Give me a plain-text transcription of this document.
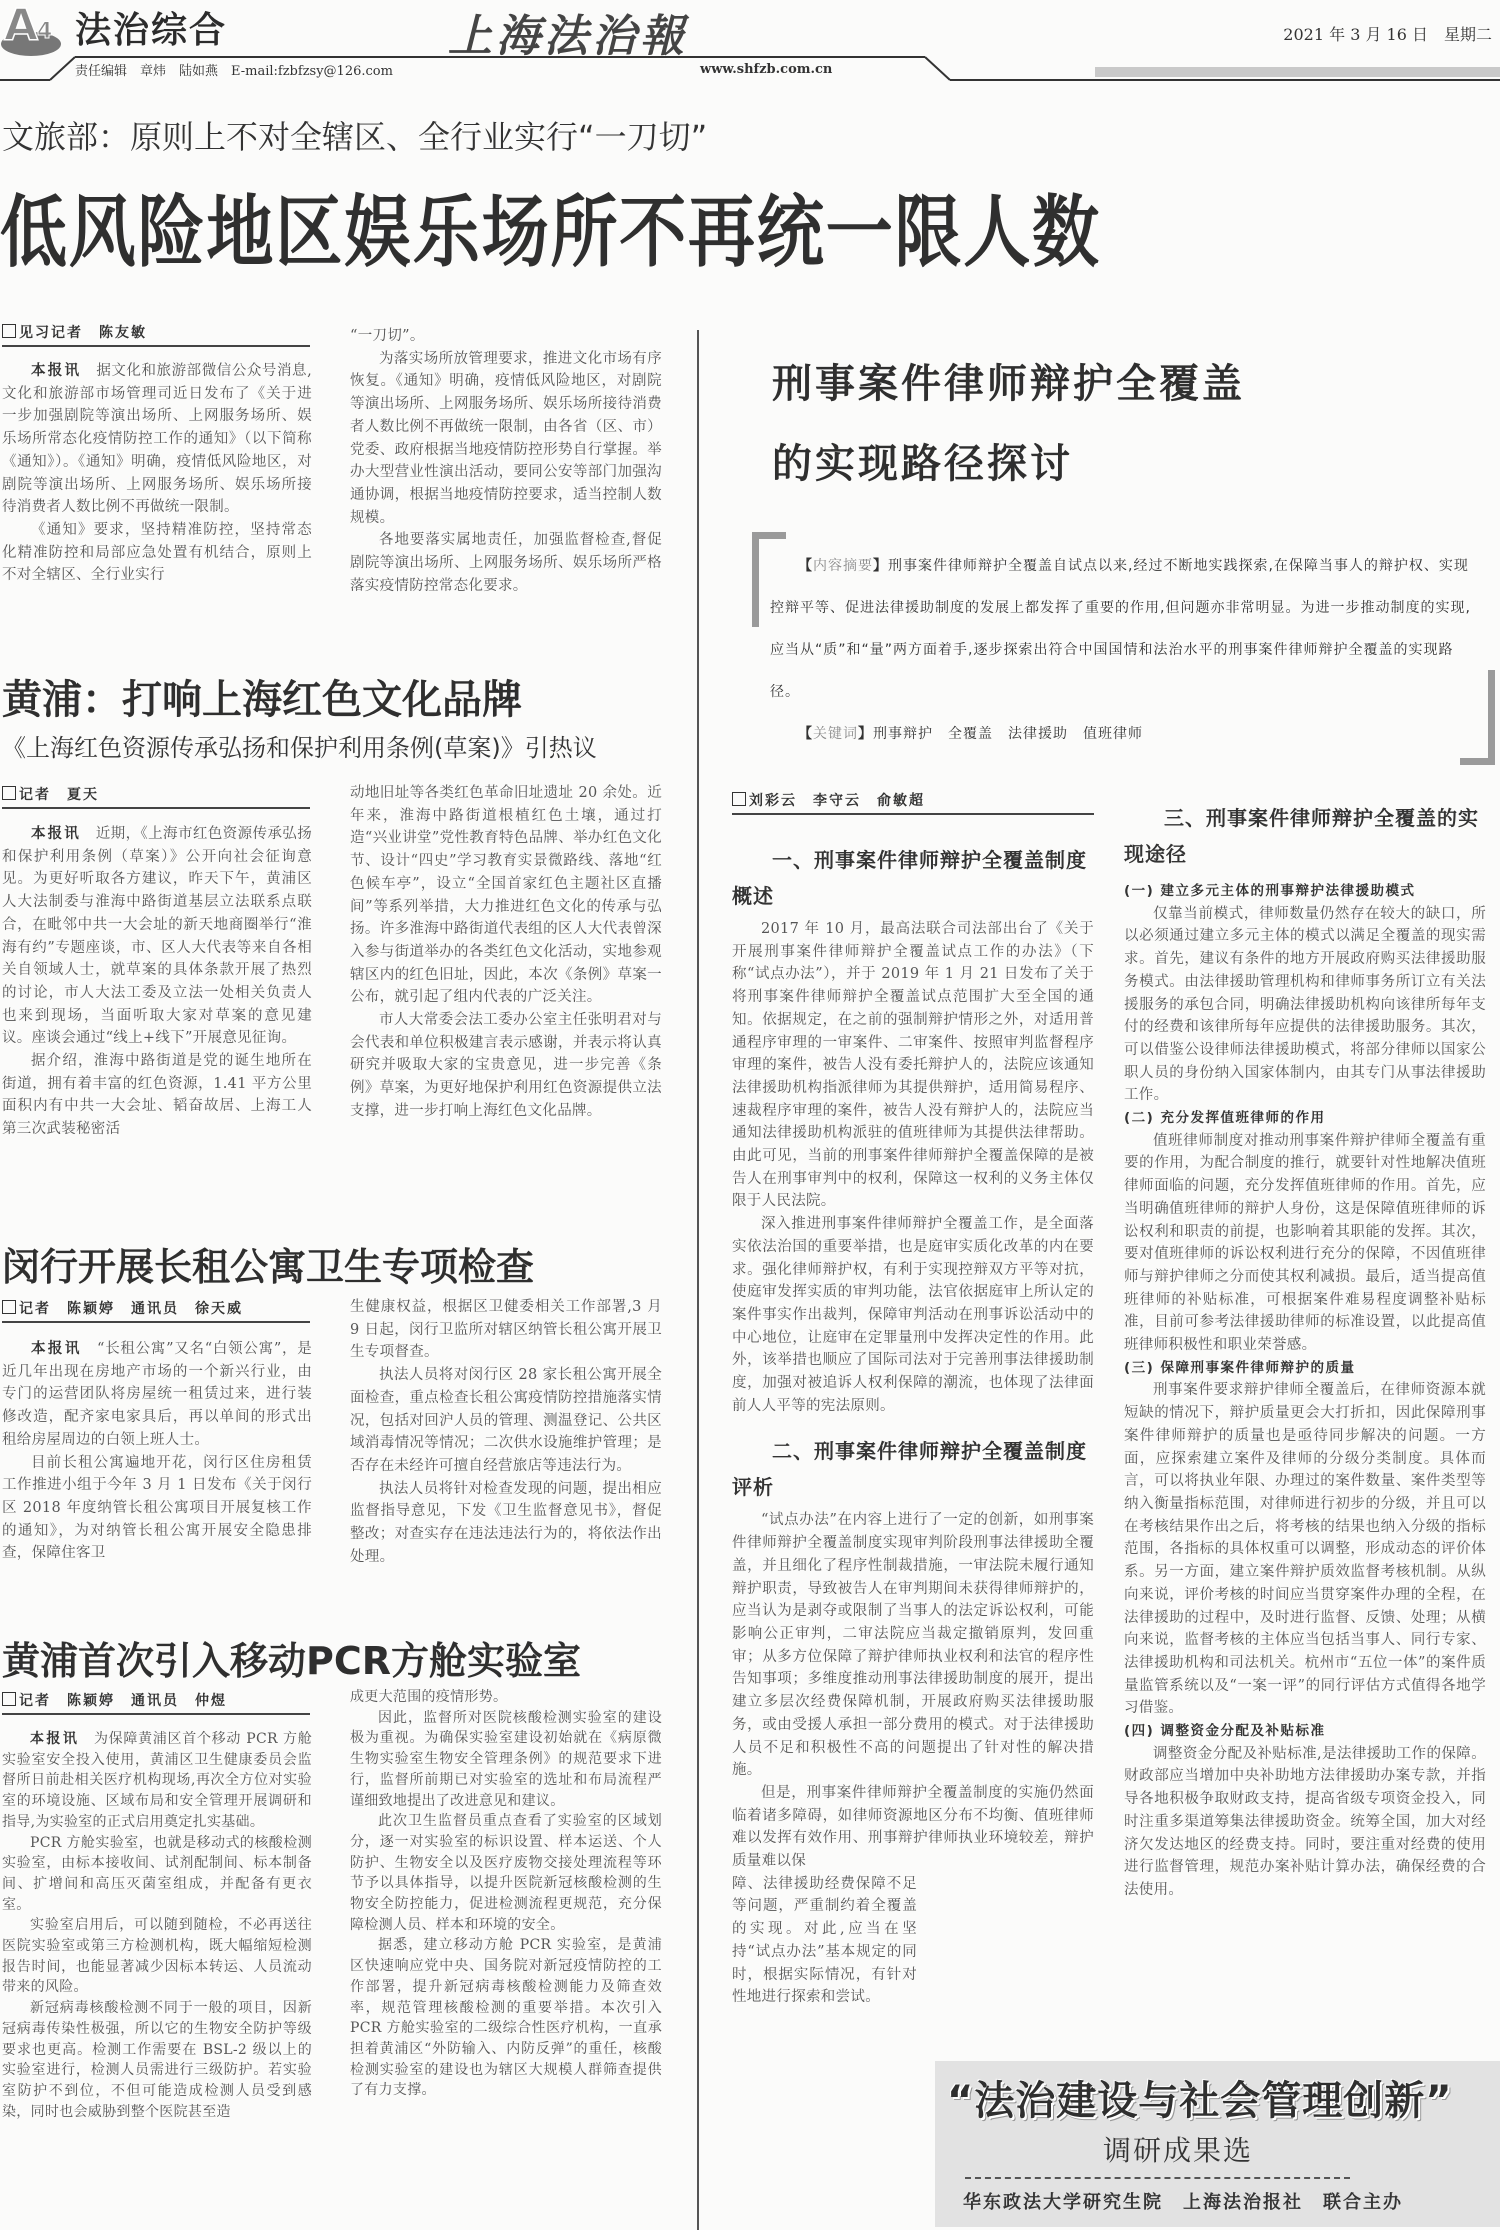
A
4 法治综合
责任编辑　章炜　陆如燕　E-mail:fzbfzsy@126.com
上海法治報
www.shfzb.com.cn
2021 年 3 月 16 日　星期二
文旅部：原则上不对全辖区、全行业实行“一刀切”
低风险地区娱乐场所不再统一限人数
见习记者　陈友敏

本报讯　 据文化和旅游部微信公众号消息,文化和旅游部市场管理司近日发布了《关于进一步加强剧院等演出场所、上网服务场所、娱乐场所常态化疫情防控工作的通知》（以下简称《通知》）。《通知》明确，疫情低风险地区，对剧院等演出场所、上网服务场所、娱乐场所接待消费者人数比例不再做统一限制。

《通知》要求，坚持精准防控，坚持常态化精准防控和局部应急处置有机结合，原则上不对全辖区、全行业实行

“一刀切”。

为落实场所放管理要求，推进文化市场有序恢复。《通知》明确，疫情低风险地区，对剧院等演出场所、上网服务场所、娱乐场所接待消费者人数比例不再做统一限制，由各省（区、市）党委、政府根据当地疫情防控形势自行掌握。举办大型营业性演出活动，要同公安等部门加强沟通协调，根据当地疫情防控要求，适当控制人数规模。

各地要落实属地责任，加强监督检查,督促剧院等演出场所、上网服务场所、娱乐场所严格落实疫情防控常态化要求。

黄浦：打响上海红色文化品牌
《上海红色资源传承弘扬和保护利用条例(草案)》引热议
记者　夏天

本报讯　 近期，《上海市红色资源传承弘扬和保护利用条例（草案）》公开向社会征询意见。为更好听取各方建议，昨天下午，黄浦区人大法制委与淮海中路街道基层立法联系点联合，在毗邻中共一大会址的新天地商圈举行“淮海有约”专题座谈，市、区人大代表等来自各相关自领域人士，就草案的具体条款开展了热烈的讨论，市人大法工委及立法一处相关负责人也来到现场，当面听取大家对草案的意见建议。座谈会通过“线上+线下”开展意见征询。

据介绍，淮海中路街道是党的诞生地所在街道，拥有着丰富的红色资源，1.41 平方公里面积内有中共一大会址、韬奋故居、上海工人第三次武装秘密活

动地旧址等各类红色革命旧址遗址 20 余处。近年来，淮海中路街道根植红色土壤，通过打造“兴业讲堂”党性教育特色品牌、举办红色文化节、设计“四史”学习教育实景微路线、落地“红色候车亭”，设立“全国首家红色主题社区直播间”等系列举措，大力推进红色文化的传承与弘扬。许多淮海中路街道代表组的区人大代表曾深入参与街道举办的各类红色文化活动，实地参观辖区内的红色旧址，因此，本次《条例》草案一公布，就引起了组内代表的广泛关注。

市人大常委会法工委办公室主任张明君对与会代表和单位积极建言表示感谢，并表示将认真研究并吸取大家的宝贵意见，进一步完善《条例》草案，为更好地保护利用红色资源提供立法支撑，进一步打响上海红色文化品牌。

闵行开展长租公寓卫生专项检查
记者　陈颖婷　通讯员　徐天威

本报讯　 “长租公寓”又名“白领公寓”，是近几年出现在房地产市场的一个新兴行业，由专门的运营团队将房屋统一租赁过来，进行装修改造，配齐家电家具后，再以单间的形式出租给房屋周边的白领上班人士。

目前长租公寓遍地开花，闵行区住房租赁工作推进小组于今年 3 月 1 日发布《关于闵行区 2018 年度纳管长租公寓项目开展复核工作的通知》，为对纳管长租公寓开展安全隐患排查，保障住客卫

生健康权益，根据区卫健委相关工作部署,3 月 9 日起，闵行卫监所对辖区纳管长租公寓开展卫生专项督查。

执法人员将对闵行区 28 家长租公寓开展全面检查，重点检查长租公寓疫情防控措施落实情况，包括对回沪人员的管理、测温登记、公共区域消毒情况等情况；二次供水设施维护管理；是否存在未经许可擅自经营旅店等违法行为。

执法人员将针对检查发现的问题，提出相应监督指导意见，下发《卫生监督意见书》，督促整改；对查实存在违法违法行为的，将依法作出处理。

黄浦首次引入移动PCR方舱实验室
记者　陈颖婷　通讯员　仲煜

本报讯　 为保障黄浦区首个移动 PCR 方舱实验室安全投入使用，黄浦区卫生健康委员会监督所日前赴相关医疗机构现场,再次全方位对实验室的环境设施、区域布局和安全管理开展调研和指导,为实验室的正式启用奠定扎实基础。

PCR 方舱实验室，也就是移动式的核酸检测实验室，由标本接收间、试剂配制间、标本制备间、扩增间和高压灭菌室组成，并配备有更衣室。

实验室启用后，可以随到随检，不必再送往医院实验室或第三方检测机构，既大幅缩短检测报告时间，也能显著减少因标本转运、人员流动带来的风险。

新冠病毒核酸检测不同于一般的项目，因新冠病毒传染性极强，所以它的生物安全防护等级要求也更高。检测工作需要在 BSL-2 级以上的实验室进行，检测人员需进行三级防护。若实验室防护不到位，不但可能造成检测人员受到感染，同时也会威胁到整个医院甚至造

成更大范围的疫情形势。

因此，监督所对医院核酸检测实验室的建设极为重视。为确保实验室建设初始就在《病原微生物实验室生物安全管理条例》的规范要求下进行，监督所前期已对实验室的选址和布局流程严谨细致地提出了改进意见和建议。

此次卫生监督员重点查看了实验室的区域划分，逐一对实验室的标识设置、样本运送、个人防护、生物安全以及医疗废物交接处理流程等环节予以具体指导，以提升医院新冠核酸检测的生物安全防控能力，促进检测流程更规范，充分保障检测人员、样本和环境的安全。

据悉，建立移动方舱 PCR 实验室，是黄浦区快速响应党中央、国务院对新冠疫情防控的工作部署，提升新冠病毒核酸检测能力及筛查效率，规范管理核酸检测的重要举措。本次引入 PCR 方舱实验室的二级综合性医疗机构，一直承担着黄浦区“外防输入、内防反弹”的重任，核酸检测实验室的建设也为辖区大规模人群筛查提供了有力支撑。

刑事案件律师辩护全覆盖
的实现路径探讨
【内容摘要】刑事案件律师辩护全覆盖自试点以来,经过不断地实践探索,在保障当事人的辩护权、实现控辩平等、促进法律援助制度的发展上都发挥了重要的作用,但问题亦非常明显。为进一步推动制度的实现,应当从“质”和“量”两方面着手,逐步探索出符合中国国情和法治水平的刑事案件律师辩护全覆盖的实现路径。
【关键词】刑事辩护　全覆盖　法律援助　值班律师
刘彩云　李守云　俞敏超
一、刑事案件律师辩护全覆盖制度概述

2017 年 10 月，最高法联合司法部出台了《关于开展刑事案件律师辩护全覆盖试点工作的办法》（下称“试点办法”），并于 2019 年 1 月 21 日发布了关于将刑事案件律师辩护全覆盖试点范围扩大至全国的通知。依据规定，在之前的强制辩护情形之外，对适用普通程序审理的一审案件、二审案件、按照审判监督程序审理的案件，被告人没有委托辩护人的，法院应该通知法律援助机构指派律师为其提供辩护，适用简易程序、速裁程序审理的案件，被告人没有辩护人的，法院应当通知法律援助机构派驻的值班律师为其提供法律帮助。由此可见，当前的刑事案件律师辩护全覆盖保障的是被告人在刑事审判中的权利，保障这一权利的义务主体仅限于人民法院。

深入推进刑事案件律师辩护全覆盖工作，是全面落实依法治国的重要举措，也是庭审实质化改革的内在要求。强化律师辩护权，有利于实现控辩双方平等对抗，使庭审发挥实质的审判功能，法官依据庭审上所认定的案件事实作出裁判，保障审判活动在刑事诉讼活动中的中心地位，让庭审在定罪量刑中发挥决定性的作用。此外，该举措也顺应了国际司法对于完善刑事法律援助制度，加强对被追诉人权利保障的潮流，也体现了法律面前人人平等的宪法原则。

二、刑事案件律师辩护全覆盖制度评析

“试点办法”在内容上进行了一定的创新，如刑事案件律师辩护全覆盖制度实现审判阶段刑事法律援助全覆盖，并且细化了程序性制裁措施，一审法院未履行通知辩护职责，导致被告人在审判期间未获得律师辩护的，应当认为是剥夺或限制了当事人的法定诉讼权利，可能影响公正审判，二审法院应当裁定撤销原判，发回重审；从多方位保障了辩护律师执业权利和法官的程序性告知事项；多维度推动刑事法律援助制度的展开，提出建立多层次经费保障机制，开展政府购买法律援助服务，或由受援人承担一部分费用的模式。对于法律援助人员不足和积极性不高的问题提出了针对性的解决措施。

但是，刑事案件律师辩护全覆盖制度的实施仍然面临着诸多障碍，如律师资源地区分布不均衡、值班律师难以发挥有效作用、刑事辩护律师执业环境较差，辩护质量难以保

障、法律援助经费保障不足等问题，严重制约着全覆盖的实现。对此,应当在坚持“试点办法”基本规定的同时，根据实际情况，有针对性地进行探索和尝试。

三、刑事案件律师辩护全覆盖的实现途径
(一) 建立多元主体的刑事辩护法律援助模式

仅靠当前模式，律师数量仍然存在较大的缺口，所以必须通过建立多元主体的模式以满足全覆盖的现实需求。首先，建议有条件的地方开展政府购买法律援助服务模式。由法律援助管理机构和律师事务所订立有关法援服务的承包合同，明确法律援助机构向该律所每年支付的经费和该律所每年应提供的法律援助服务。其次，可以借鉴公设律师法律援助模式，将部分律师以国家公职人员的身份纳入国家体制内，由其专门从事法律援助工作。

(二) 充分发挥值班律师的作用

值班律师制度对推动刑事案件辩护律师全覆盖有重要的作用，为配合制度的推行，就要针对性地解决值班律师面临的问题，充分发挥值班律师的作用。首先，应当明确值班律师的辩护人身份，这是保障值班律师的诉讼权利和职责的前提，也影响着其职能的发挥。其次，要对值班律师的诉讼权利进行充分的保障，不因值班律师与辩护律师之分而使其权利减损。最后，适当提高值班律师的补贴标准，可根据案件难易程度调整补贴标准，目前可参考法律援助律师的标准设置，以此提高值班律师积极性和职业荣誉感。

(三) 保障刑事案件律师辩护的质量

刑事案件要求辩护律师全覆盖后，在律师资源本就短缺的情况下，辩护质量更会大打折扣，因此保障刑事案件律师辩护的质量也是亟待同步解决的问题。一方面，应探索建立案件及律师的分级分类制度。具体而言，可以将执业年限、办理过的案件数量、案件类型等纳入衡量指标范围，对律师进行初步的分级，并且可以在考核结果作出之后，将考核的结果也纳入分级的指标范围，各指标的具体权重可以调整，形成动态的评价体系。另一方面，建立案件辩护质效监督考核机制。从纵向来说，评价考核的时间应当贯穿案件办理的全程，在法律援助的过程中，及时进行监督、反馈、处理；从横向来说，监督考核的主体应当包括当事人、同行专家、法律援助机构和司法机关。杭州市“五位一体”的案件质量监管系统以及“一案一评”的同行评估方式值得各地学习借鉴。

(四) 调整资金分配及补贴标准

调整资金分配及补贴标准,是法律援助工作的保障。财政部应当增加中央补助地方法律援助办案专款，并指导各地积极争取财政支持，提高省级专项资金投入，同时注重多渠道筹集法律援助资金。统筹全国，加大对经济欠发达地区的经费支持。同时，要注重对经费的使用进行监督管理，规范办案补贴计算办法，确保经费的合法使用。

“法治建设与社会管理创新”
调研成果选
华东政法大学研究生院　上海法治报社　联合主办
